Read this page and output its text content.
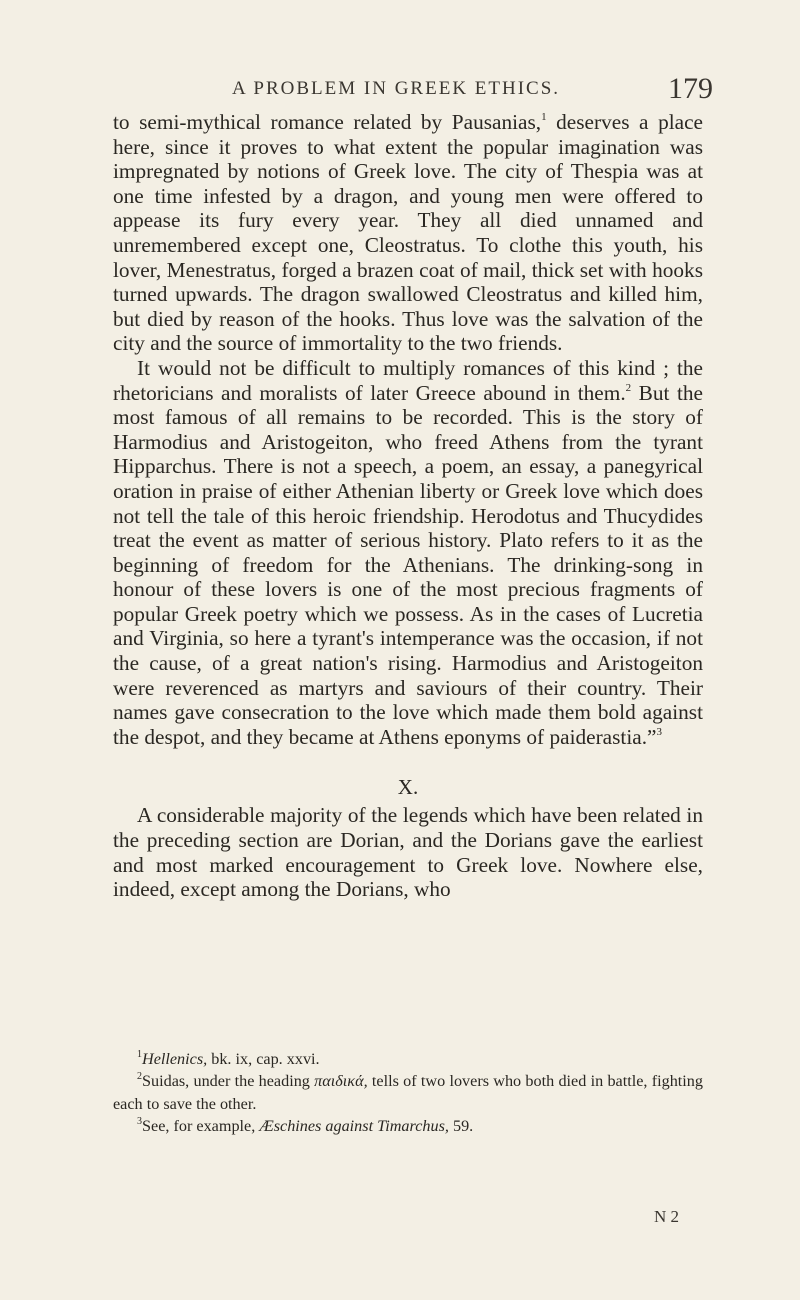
A PROBLEM IN GREEK ETHICS.	179

to semi-mythical romance related by Pausanias,$^1$ deserves a place here, since it proves to what extent the popular imagination was impregnated by notions of Greek love. The city of Thespia was at one time infested by a dragon, and young men were offered to appease its fury every year. They all died unnamed and unremembered except one, Cleostratus. To clothe this youth, his lover, Menestratus, forged a brazen coat of mail, thick set with hooks turned upwards. The dragon swallowed Cleostratus and killed him, but died by reason of the hooks. Thus love was the salvation of the city and the source of immortality to the two friends.

It would not be difficult to multiply romances of this kind ; the rhetoricians and moralists of later Greece abound in them.$^2$ But the most famous of all remains to be recorded. This is the story of Harmodius and Aristogeiton, who freed Athens from the tyrant Hipparchus. There is not a speech, a poem, an essay, a panegyrical oration in praise of either Athenian liberty or Greek love which does not tell the tale of this heroic friendship. Herodotus and Thucydides treat the event as matter of serious history. Plato refers to it as the beginning of freedom for the Athenians. The drinking-song in honour of these lovers is one of the most precious fragments of popular Greek poetry which we possess. As in the cases of Lucretia and Virginia, so here a tyrant's intemperance was the occasion, if not the cause, of a great nation's rising. Harmodius and Aristogeiton were reverenced as martyrs and saviours of their country. Their names gave consecration to the love which made them bold against the despot, and they became at Athens eponyms of paiderastia.”$^3$

X.

A considerable majority of the legends which have been related in the preceding section are Dorian, and the Dorians gave the earliest and most marked encouragement to Greek love. Nowhere else, indeed, except among the Dorians, who

$^1$Hellenics, bk. ix, cap. xxvi.

$^2$Suidas, under the heading παιδικά, tells of two lovers who both died in battle, fighting each to save the other.

$^3$See, for example, Æschines against Timarchus, 59.

N 2
